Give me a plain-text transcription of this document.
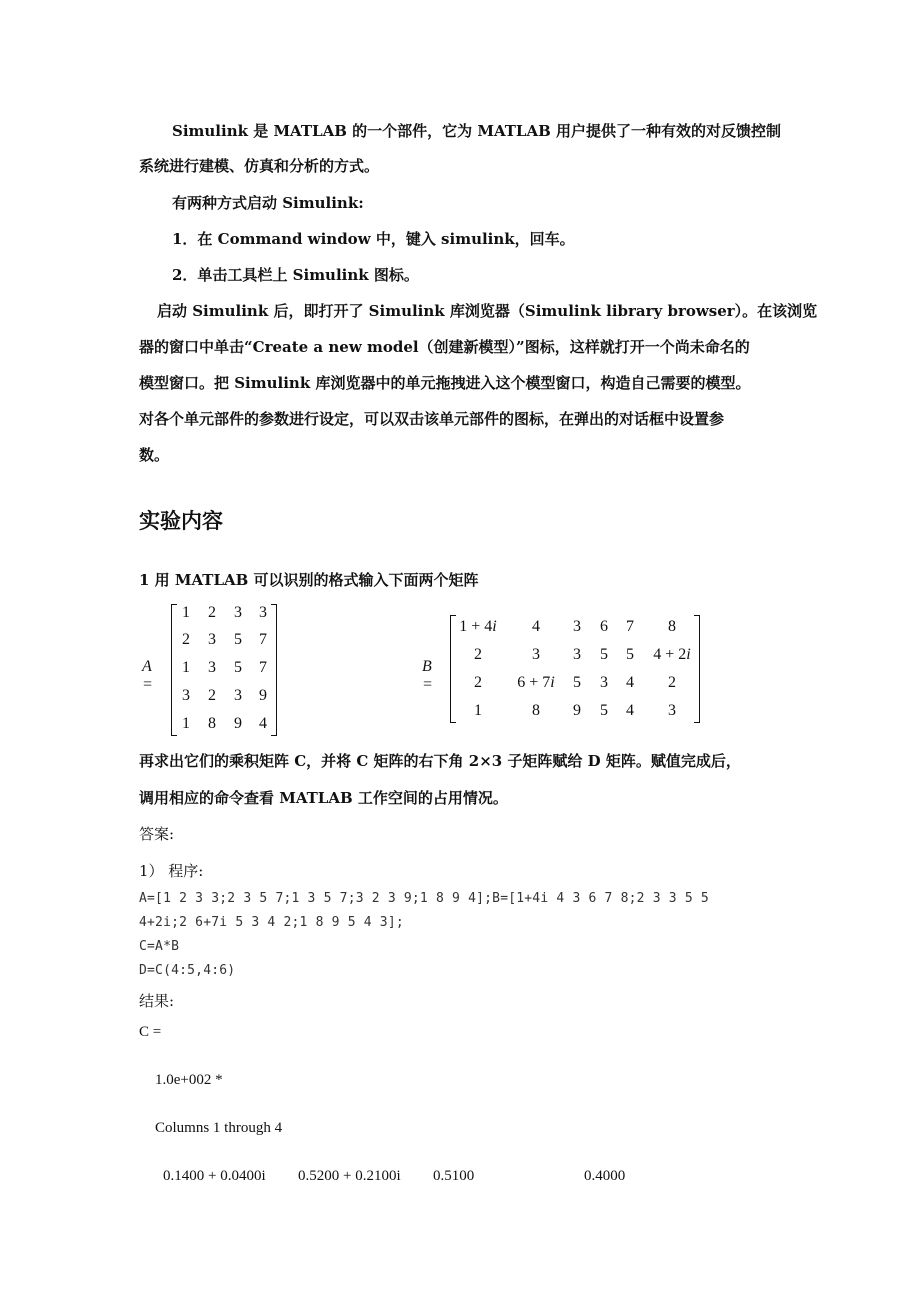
Simulink 是 MATLAB 的一个部件，它为 MATLAB 用户提供了一种有效的对反馈控制
系统进行建模、仿真和分析的方式。
有两种方式启动 Simulink:
1．在 Command window 中，键入 simulink，回车。
2．单击工具栏上 Simulink 图标。
启动 Simulink 后，即打开了 Simulink 库浏览器（Simulink library browser）。在该浏览
器的窗口中单击“Create a new model（创建新模型）”图标，这样就打开一个尚未命名的
模型窗口。把 Simulink 库浏览器中的单元拖拽进入这个模型窗口，构造自己需要的模型。
对各个单元部件的参数进行设定，可以双击该单元部件的图标，在弹出的对话框中设置参
数。
实验内容
1 用 MATLAB 可以识别的格式输入下面两个矩阵
A =
1	2	3	3
2	3	5	7
1	3	5	7
3	2	3	9
1	8	9	4
B =
1 + 4i	4	3	6	7	8
2	3	3	5	5	4 + 2i
2	6 + 7i	5	3	4	2
1	8	9	5	4	3
再求出它们的乘积矩阵 C，并将 C 矩阵的右下角 2×3 子矩阵赋给 D 矩阵。赋值完成后，
调用相应的命令查看 MATLAB 工作空间的占用情况。
答案:
1） 程序:
A=[1 2 3 3;2 3 5 7;1 3 5 7;3 2 3 9;1 8 9 4];B=[1+4i 4 3 6 7 8;2 3 3 5 5
4+2i;2 6+7i 5 3 4 2;1 8 9 5 4 3];
C=A*B
D=C(4:5,4:6)
结果:
C =
1.0e+002 *
Columns 1 through 4
0.1400 + 0.0400i 0.5200 + 0.2100i 0.5100	0.4000
